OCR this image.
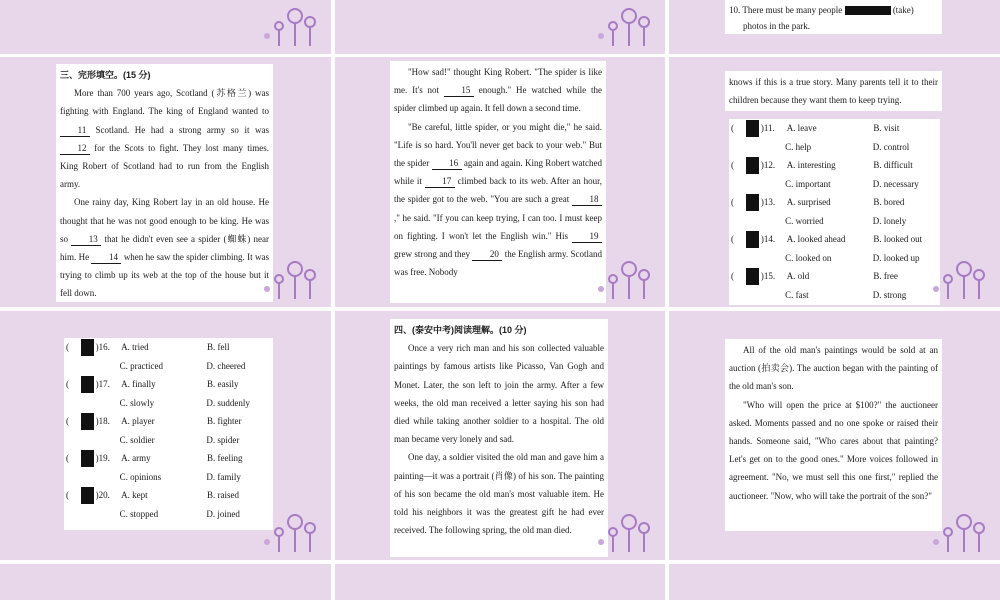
10. There must be many people	(take)
photos in the park.
三、完形填空。(15 分)

More than 700 years ago, Scotland (苏格兰) was fighting with England. The king of England wanted to 11 Scotland. He had a strong army so it was 12 for the Scots to fight. They lost many times. King Robert of Scotland had to run from the English army.

One rainy day, King Robert lay in an old house. He thought that he was not good enough to be king. He was so 13 that he didn't even see a spider (蜘蛛) near him. He 14 when he saw the spider climbing. It was trying to climb up its web at the top of the house but it fell down.

"How sad!" thought King Robert. "The spider is like me. It's not 15 enough." He watched while the spider climbed up again. It fell down a second time.

"Be careful, little spider, or you might die," he said. "Life is so hard. You'll never get back to your web." But the spider 16 again and again. King Robert watched while it 17 climbed back to its web. After an hour, the spider got to the web. "You are such a great 18 ," he said. "If you can keep trying, I can too. I must keep on fighting. I won't let the English win." His 19 grew strong and they 20 the English army. Scotland was free. Nobody

knows if this is a true story. Many parents tell it to their children because they want them to keep trying.

(	)11.	A. leave	B. visit
C. help	D. control
(	)12.	A. interesting	B. difficult
C. important	D. necessary
(	)13.	A. surprised	B. bored
C. worried	D. lonely
(	)14.	A. looked ahead	B. looked out
C. looked on	D. looked up
(	)15.	A. old	B. free
C. fast	D. strong
(	)16.	A. tried	B. fell
C. practiced	D. cheered
(	)17.	A. finally	B. easily
C. slowly	D. suddenly
(	)18.	A. player	B. fighter
C. soldier	D. spider
(	)19.	A. army	B. feeling
C. opinions	D. family
(	)20.	A. kept	B. raised
C. stopped	D. joined
四、(泰安中考)阅读理解。(10 分)

Once a very rich man and his son collected valuable paintings by famous artists like Picasso, Van Gogh and Monet. Later, the son left to join the army. After a few weeks, the old man received a letter saying his son had died while taking another soldier to a hospital. The old man became very lonely and sad.

One day, a soldier visited the old man and gave him a painting—it was a portrait (肖像) of his son. The painting of his son became the old man's most valuable item. He told his neighbors it was the greatest gift he had ever received. The following spring, the old man died.

All of the old man's paintings would be sold at an auction (拍卖会). The auction began with the painting of the old man's son.

"Who will open the price at $100?" the auctioneer asked. Moments passed and no one spoke or raised their hands. Someone said, "Who cares about that painting? Let's get on to the good ones." More voices followed in agreement. "No, we must sell this one first," replied the auctioneer. "Now, who will take the portrait of the son?"
